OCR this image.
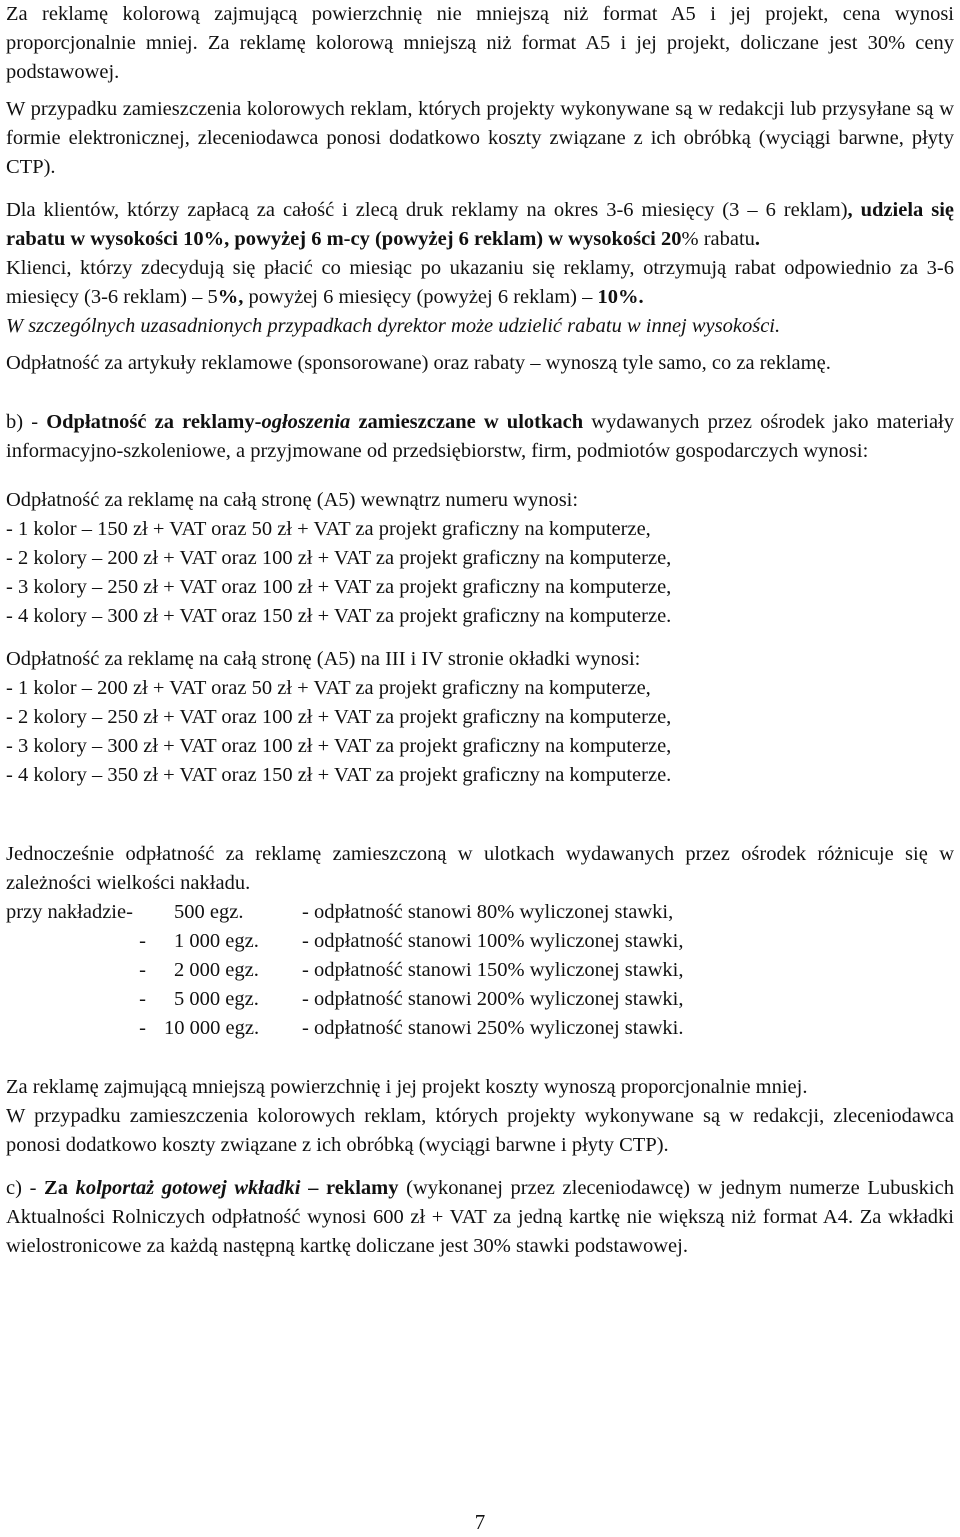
Za reklamę kolorową zajmującą powierzchnię nie mniejszą niż format A5 i jej projekt, cena wynosi proporcjonalnie mniej. Za reklamę kolorową mniejszą niż format A5 i jej projekt, doliczane jest 30% ceny podstawowej.

W przypadku zamieszczenia kolorowych reklam, których projekty wykonywane są w redakcji lub przysyłane są w formie elektronicznej, zleceniodawca ponosi dodatkowo koszty związane z ich obróbką (wyciągi barwne, płyty CTP).

Dla klientów, którzy zapłacą za całość i zlecą druk reklamy na okres 3-6 miesięcy (3 – 6 reklam), udziela się rabatu w wysokości 10%, powyżej 6 m-cy (powyżej 6 reklam) w wysokości 20% rabatu.

Klienci, którzy zdecydują się płacić co miesiąc po ukazaniu się reklamy, otrzymują rabat odpowiednio za 3-6 miesięcy (3-6 reklam) – 5%, powyżej 6 miesięcy (powyżej 6 reklam) – 10%.

W szczególnych uzasadnionych przypadkach dyrektor może udzielić rabatu w innej wysokości.

Odpłatność za artykuły reklamowe (sponsorowane) oraz rabaty – wynoszą tyle samo, co za reklamę.

b) - Odpłatność za reklamy-ogłoszenia zamieszczane w ulotkach wydawanych przez ośrodek jako materiały informacyjno-szkoleniowe, a przyjmowane od przedsiębiorstw, firm, podmiotów gospodarczych wynosi:

Odpłatność za reklamę na całą stronę (A5) wewnątrz numeru wynosi:

- 1 kolor – 150 zł + VAT oraz 50 zł + VAT za projekt graficzny na komputerze,

- 2 kolory – 200 zł + VAT oraz 100 zł + VAT za projekt graficzny na komputerze,

- 3 kolory – 250 zł + VAT oraz 100 zł + VAT za projekt graficzny na komputerze,

- 4 kolory – 300 zł + VAT oraz 150 zł + VAT za projekt graficzny na komputerze.

Odpłatność za reklamę na całą stronę (A5) na III i IV stronie okładki wynosi:

- 1 kolor – 200 zł + VAT oraz 50 zł + VAT za projekt graficzny na komputerze,

- 2 kolory – 250 zł + VAT oraz 100 zł + VAT za projekt graficzny na komputerze,

- 3 kolory – 300 zł + VAT oraz 100 zł + VAT za projekt graficzny na komputerze,

- 4 kolory – 350 zł + VAT oraz 150 zł + VAT za projekt graficzny na komputerze.

Jednocześnie odpłatność za reklamę zamieszczoną w ulotkach wydawanych przez ośrodek różnicuje się w zależności wielkości nakładu.

przy nakładzie-	500 egz.	- odpłatność stanowi 80% wyliczonej stawki,
-	1 000 egz.	- odpłatność stanowi 100% wyliczonej stawki,
-	2 000 egz.	- odpłatność stanowi 150% wyliczonej stawki,
-	5 000 egz.	- odpłatność stanowi 200% wyliczonej stawki,
- 10 000 egz.	- odpłatność stanowi 250% wyliczonej stawki.

Za reklamę zajmującą mniejszą powierzchnię i jej projekt koszty wynoszą proporcjonalnie mniej.

W przypadku zamieszczenia kolorowych reklam, których projekty wykonywane są w redakcji, zleceniodawca ponosi dodatkowo koszty związane z ich obróbką (wyciągi barwne i płyty CTP).

c) - Za kolportaż gotowej wkładki – reklamy (wykonanej przez zleceniodawcę) w jednym numerze Lubuskich Aktualności Rolniczych odpłatność wynosi 600 zł + VAT za jedną kartkę nie większą niż format A4. Za wkładki wielostronicowe za każdą następną kartkę doliczane jest 30% stawki podstawowej.

7
